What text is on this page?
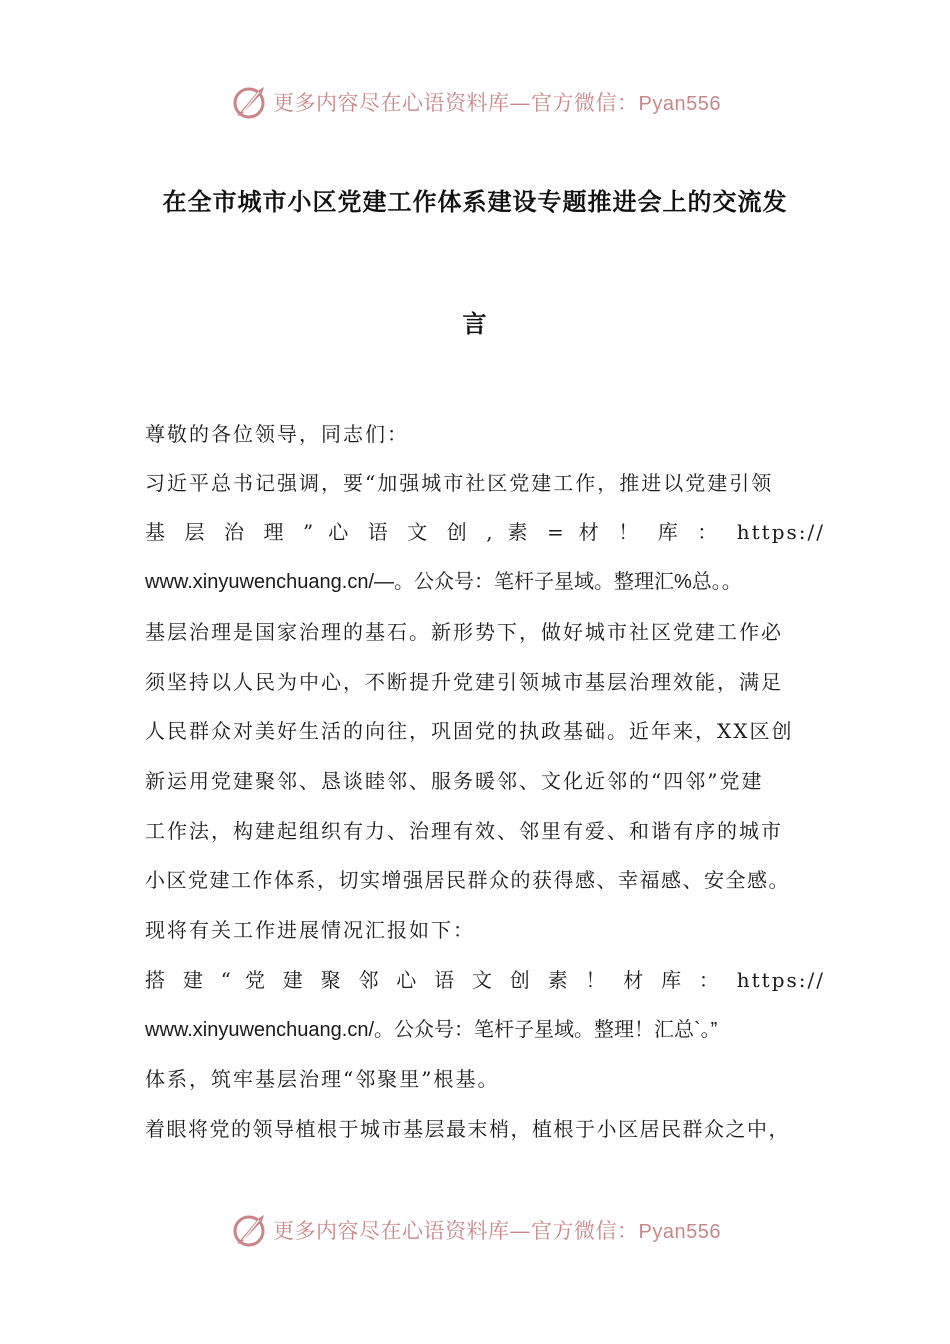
更多内容尽在心语资料库—官方微信：Pyan556
在全市城市小区党建工作体系建设专题推进会上的交流发
言
尊敬的各位领导，同志们：
习近平总书记强调，要“加强城市社区党建工作，推进以党建引领
基 层 治 理 ” 心 语 文 创 , 素 = 材 ！ 库 ： https://
www.xinyuwenchuang.cn/—。公众号：笔杆子星域。整理汇%总。。
基层治理是国家治理的基石。新形势下，做好城市社区党建工作必
须坚持以人民为中心，不断提升党建引领城市基层治理效能，满足
人民群众对美好生活的向往，巩固党的执政基础。近年来，XX区创
新运用党建聚邻、恳谈睦邻、服务暖邻、文化近邻的“四邻”党建
工作法，构建起组织有力、治理有效、邻里有爱、和谐有序的城市
小区党建工作体系，切实增强居民群众的获得感、幸福感、安全感。
现将有关工作进展情况汇报如下：
搭 建 “ 党 建 聚 邻 心 语 文 创 素 ！ 材 库 ： https://
www.xinyuwenchuang.cn/。公众号：笔杆子星域。整理！汇总`。”
体系，筑牢基层治理“邻聚里”根基。
着眼将党的领导植根于城市基层最末梢，植根于小区居民群众之中，
更多内容尽在心语资料库—官方微信：Pyan556
